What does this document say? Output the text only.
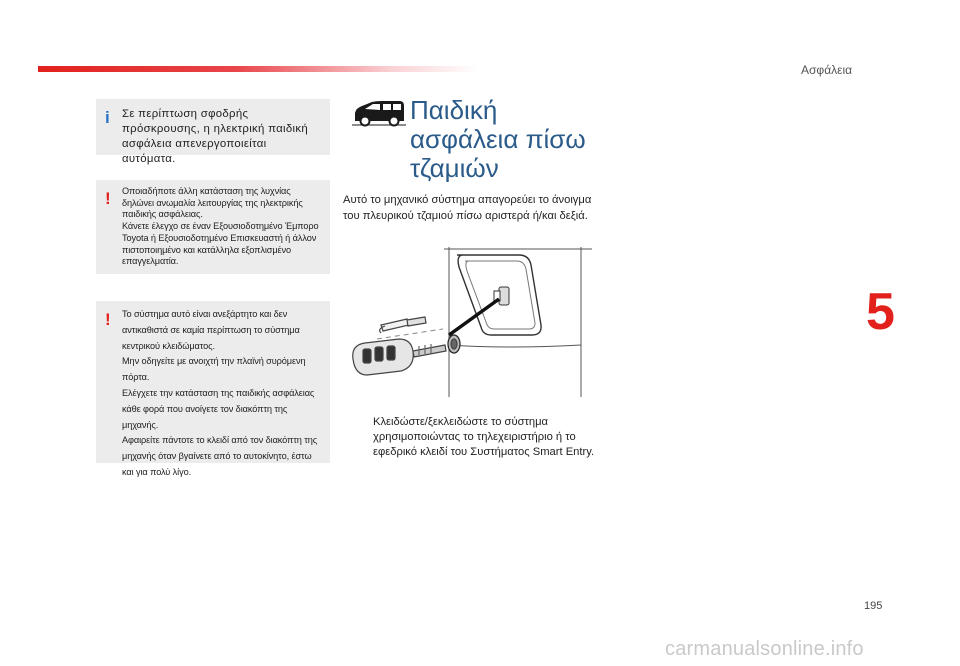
Ασφάλεια
5
195
i Σε περίπτωση σφοδρής πρόσκρουσης, η ηλεκτρική παιδική ασφάλεια απενεργοποιείται αυτόματα.

! Οποιαδήποτε άλλη κατάσταση της λυχνίας δηλώνει ανωμαλία λειτουργίας της ηλεκτρικής παιδικής ασφάλειας.
Κάνετε έλεγχο σε έναν Εξουσιοδοτημένο Έμπορο Toyota ή Εξουσιοδοτημένο Επισκευαστή ή άλλον πιστοποιημένο και κατάλληλα εξοπλισμένο επαγγελματία.

! Το σύστημα αυτό είναι ανεξάρτητο και δεν αντικαθιστά σε καμία περίπτωση το σύστημα κεντρικού κλειδώματος.
Μην οδηγείτε με ανοιχτή την πλαϊνή συρόμενη πόρτα.
Ελέγχετε την κατάσταση της παιδικής ασφάλειας κάθε φορά που ανοίγετε τον διακόπτη της μηχανής.
Αφαιρείτε πάντοτε το κλειδί από τον διακόπτη της μηχανής όταν βγαίνετε από το αυτοκίνητο, έστω και για πολύ λίγο.

Παιδική
ασφάλεια πίσω
τζαμιών

Αυτό το μηχανικό σύστημα απαγορεύει το άνοιγμα του πλευρικού τζαμιού πίσω αριστερά ή/και δεξιά.

Κλειδώστε/ξεκλειδώστε το σύστημα χρησιμοποιώντας το τηλεχειριστήριο ή το εφεδρικό κλειδί του Συστήματος Smart Entry.

carmanualsonline.info
